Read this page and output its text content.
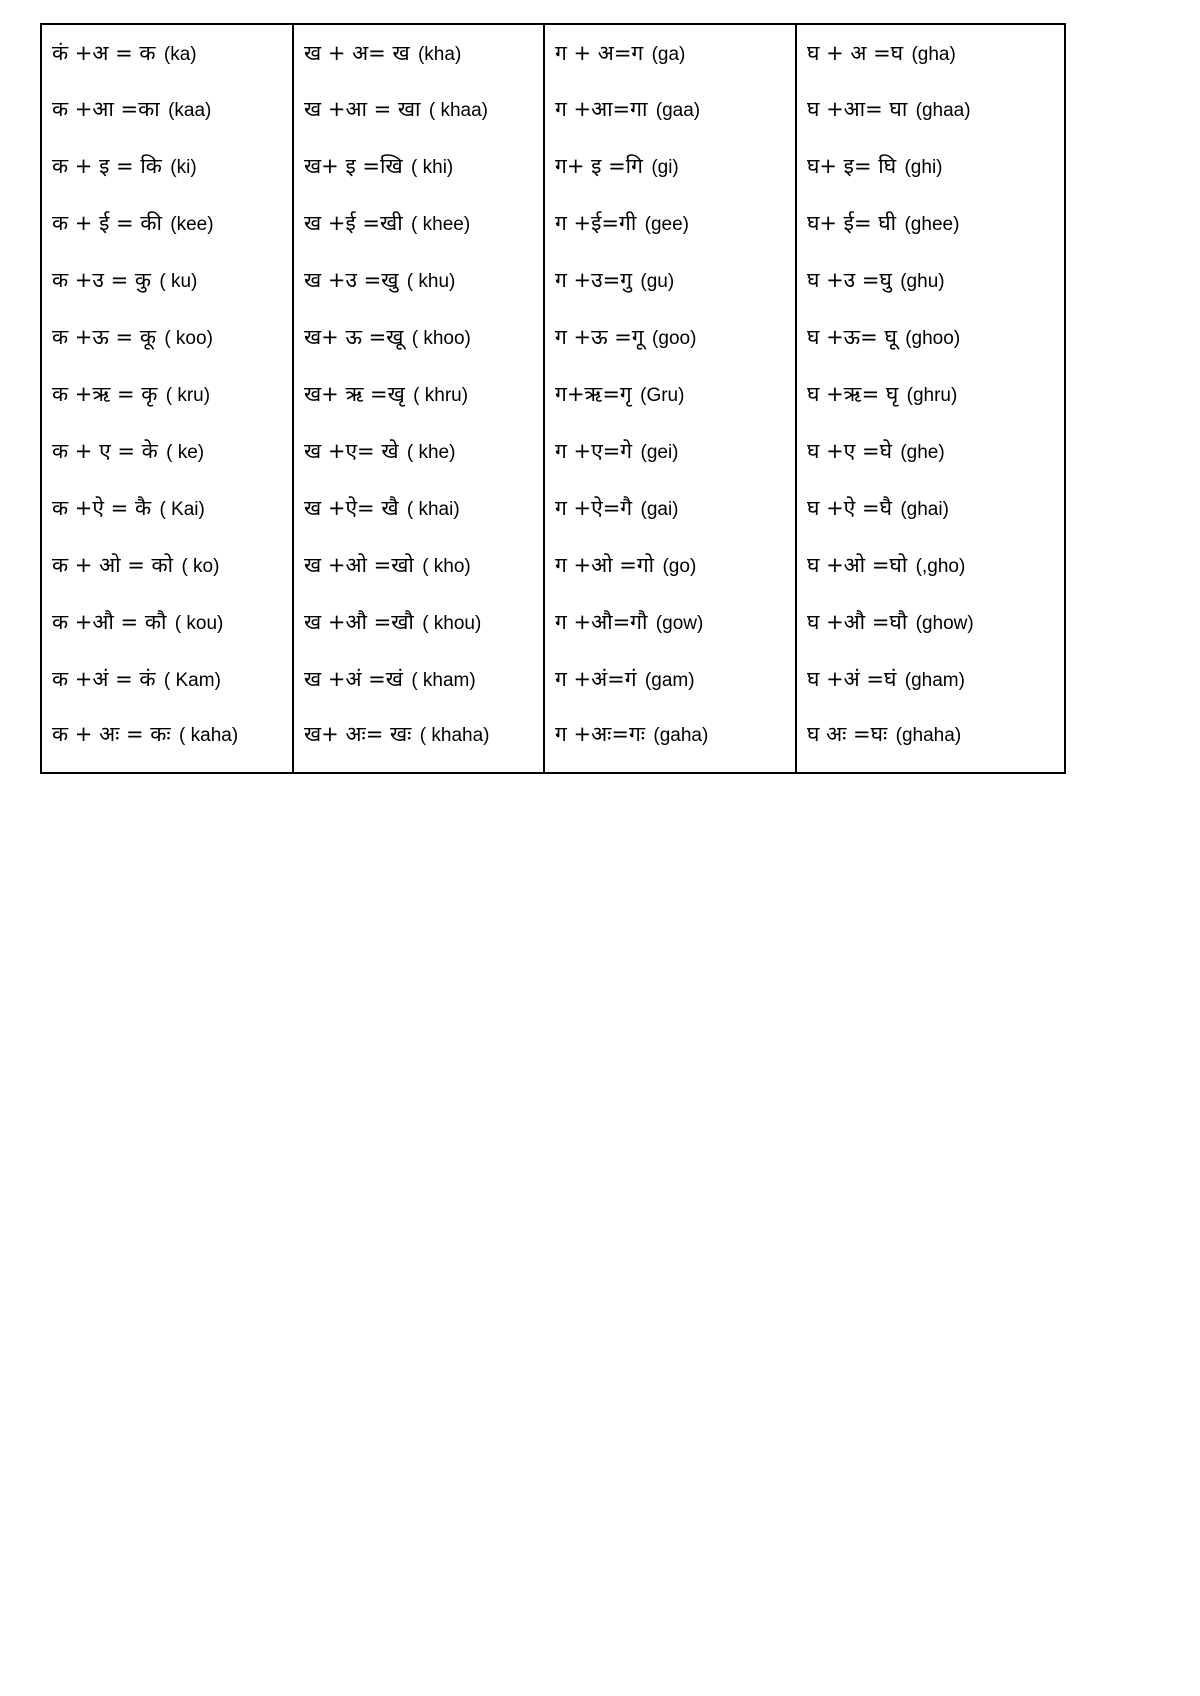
कं +अ = क (ka)	ख + अ= ख (kha)	ग + अ=ग (ga)	घ + अ =घ (gha)
क +आ =का (kaa)	ख +आ = खा ( khaa)	ग +आ=गा (gaa)	घ +आ= घा (ghaa)
क + इ = कि (ki)	ख+ इ =खि ( khi)	ग+ इ =गि (gi)	घ+ इ= घि (ghi)
क + ई = की (kee)	ख +ई =खी ( khee)	ग +ई=गी (gee)	घ+ ई= घी (ghee)
क +उ = कु ( ku)	ख +उ =खु ( khu)	ग +उ=गु (gu)	घ +उ =घु (ghu)
क +ऊ = कू ( koo)	ख+ ऊ =खू ( khoo)	ग +ऊ =गू (goo)	घ +ऊ= घू (ghoo)
क +ऋ = कृ ( kru)	ख+ ऋ =खृ ( khru)	ग+ऋ=गृ (Gru)	घ +ऋ= घृ (ghru)
क + ए = के ( ke)	ख +ए= खे ( khe)	ग +ए=गे (gei)	घ +ए =घे (ghe)
क +ऐ = कै ( Kai)	ख +ऐ= खै ( khai)	ग +ऐ=गै (gai)	घ +ऐ =घै (ghai)
क + ओ = को ( ko)	ख +ओ =खो ( kho)	ग +ओ =गो (go)	घ +ओ =घो (,gho)
क +औ = कौ ( kou)	ख +औ =खौ ( khou)	ग +औ=गौ (gow)	घ +औ =घौ (ghow)
क +अं = कं ( Kam)	ख +अं =खं ( kham)	ग +अं=गं (gam)	घ +अं =घं (gham)
क + अः = कः ( kaha)	ख+ अः= खः ( khaha)	ग +अः=गः (gaha)	घ अः =घः (ghaha)
